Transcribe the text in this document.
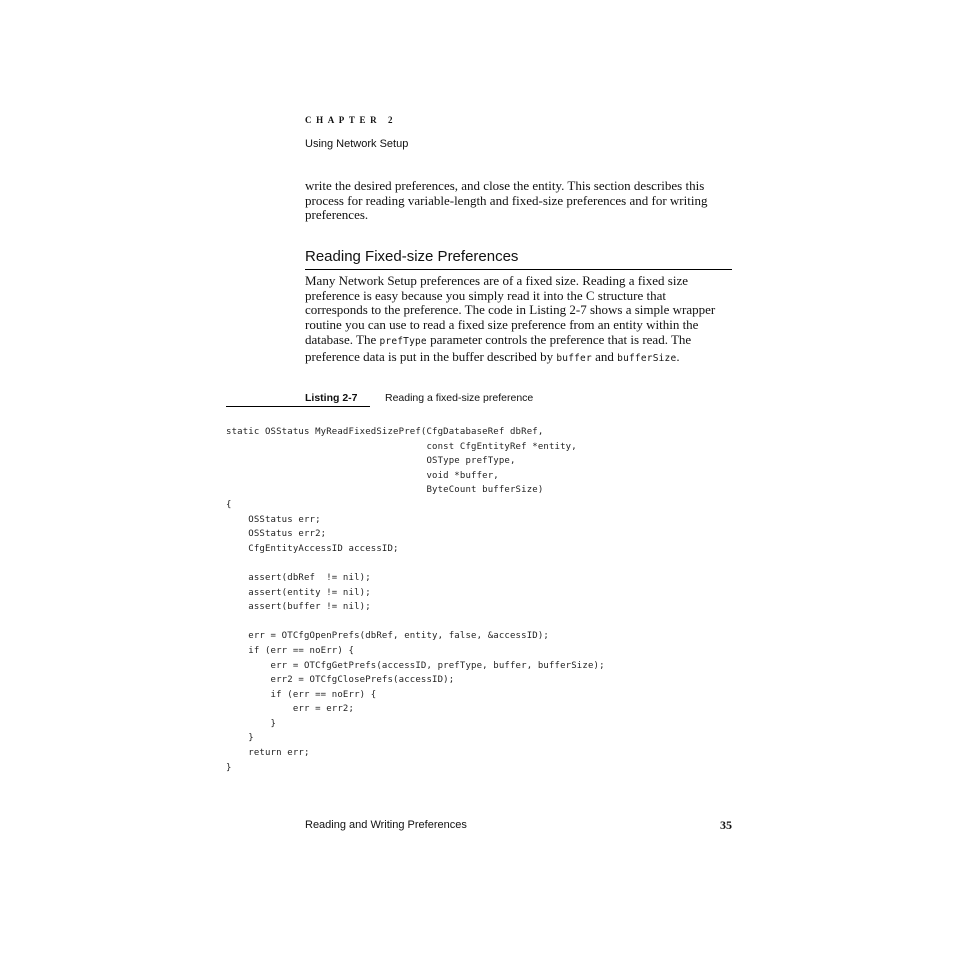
CHAPTER 2
Using Network Setup
write the desired preferences, and close the entity. This section describes this
process for reading variable-length and fixed-size preferences and for writing
preferences.
Reading Fixed-size Preferences
Many Network Setup preferences are of a fixed size. Reading a fixed size
preference is easy because you simply read it into the C structure that
corresponds to the preference. The code in Listing 2-7 shows a simple wrapper
routine you can use to read a fixed size preference from an entity within the
database. The prefType parameter controls the preference that is read. The
preference data is put in the buffer described by buffer and bufferSize.
Listing 2-7	Reading a fixed-size preference
static OSStatus MyReadFixedSizePref(CfgDatabaseRef dbRef,
const CfgEntityRef *entity,
OSType prefType,
void *buffer,
ByteCount bufferSize)
{
OSStatus err;
OSStatus err2;
CfgEntityAccessID accessID;

assert(dbRef  != nil);
assert(entity != nil);
assert(buffer != nil);

err = OTCfgOpenPrefs(dbRef, entity, false, &accessID);
if (err == noErr) {
err = OTCfgGetPrefs(accessID, prefType, buffer, bufferSize);
err2 = OTCfgClosePrefs(accessID);
if (err == noErr) {
err = err2;
}
}
return err;
}
Reading and Writing Preferences	35
